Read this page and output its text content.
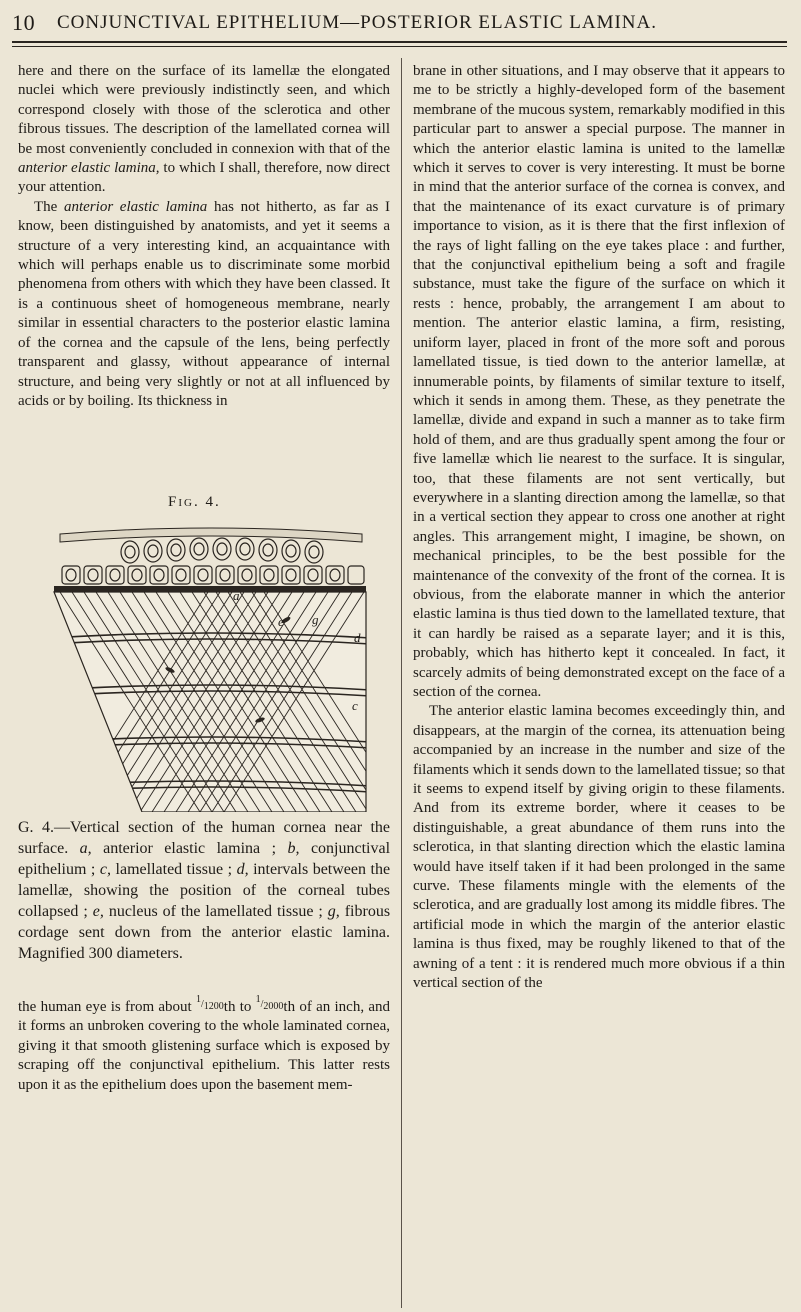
10 CONJUNCTIVAL EPITHELIUM—POSTERIOR ELASTIC LAMINA.

here and there on the surface of its lamellæ the elongated nuclei which were previously indistinctly seen, and which correspond closely with those of the sclerotica and other fibrous tissues. The description of the lamellated cornea will be most conveniently concluded in connexion with that of the anterior elastic lamina, to which I shall, therefore, now direct your attention.

The anterior elastic lamina has not hitherto, as far as I know, been distinguished by anatomists, and yet it seems a structure of a very interesting kind, an acquaintance with which will perhaps enable us to discriminate some morbid phenomena from others with which they have been classed. It is a continuous sheet of homogeneous membrane, nearly similar in essential characters to the posterior elastic lamina of the cornea and the capsule of the lens, being perfectly transparent and glassy, without appearance of internal structure, and being very slightly or not at all influenced by acids or by boiling. Its thickness in

Fig. 4.
a
g
d
e
c

G. 4.—Vertical section of the human cornea near the surface. a, anterior elastic lamina ; b, conjunctival epithelium ; c, lamellated tissue ; d, intervals between the lamellæ, showing the position of the corneal tubes collapsed ; e, nucleus of the lamellated tissue ; g, fibrous cordage sent down from the anterior elastic lamina. Magnified 300 diameters.

the human eye is from about $^{1/1200}$th to $^{1/2000}$th of an inch, and it forms an unbroken covering to the whole laminated cornea, giving it that smooth glistening surface which is exposed by scraping off the conjunctival epithelium. This latter rests upon it as the epithelium does upon the basement mem-

brane in other situations, and I may observe that it appears to me to be strictly a highly-developed form of the basement membrane of the mucous system, remarkably modified in this particular part to answer a special purpose. The manner in which the anterior elastic lamina is united to the lamellæ which it serves to cover is very interesting. It must be borne in mind that the anterior surface of the cornea is convex, and that the maintenance of its exact curvature is of primary importance to vision, as it is there that the first inflexion of the rays of light falling on the eye takes place : and further, that the conjunctival epithelium being a soft and fragile substance, must take the figure of the surface on which it rests : hence, probably, the arrangement I am about to mention. The anterior elastic lamina, a firm, resisting, uniform layer, placed in front of the more soft and porous lamellated tissue, is tied down to the anterior lamellæ, at innumerable points, by filaments of similar texture to itself, which it sends in among them. These, as they penetrate the lamellæ, divide and expand in such a manner as to take firm hold of them, and are thus gradually spent among the four or five lamellæ which lie nearest to the surface. It is singular, too, that these filaments are not sent vertically, but everywhere in a slanting direction among the lamellæ, so that in a vertical section they appear to cross one another at right angles. This arrangement might, I imagine, be shown, on mechanical principles, to be the best possible for the maintenance of the convexity of the front of the cornea. It is obvious, from the elaborate manner in which the anterior elastic lamina is thus tied down to the lamellated texture, that it can hardly be raised as a separate layer; and it is this, probably, which has hitherto kept it concealed. In fact, it scarcely admits of being demonstrated except on the face of a section of the cornea.

The anterior elastic lamina becomes exceedingly thin, and disappears, at the margin of the cornea, its attenuation being accompanied by an increase in the number and size of the filaments which it sends down to the lamellated tissue; so that it seems to expend itself by giving origin to these filaments. And from its extreme border, where it ceases to be distinguishable, a great abundance of them runs into the sclerotica, in that slanting direction which the elastic lamina would have itself taken if it had been prolonged in the same curve. These filaments mingle with the elements of the sclerotica, and are gradually lost among its middle fibres. The artificial mode in which the margin of the anterior elastic lamina is thus fixed, may be roughly likened to that of the awning of a tent : it is rendered much more obvious if a thin vertical section of the
